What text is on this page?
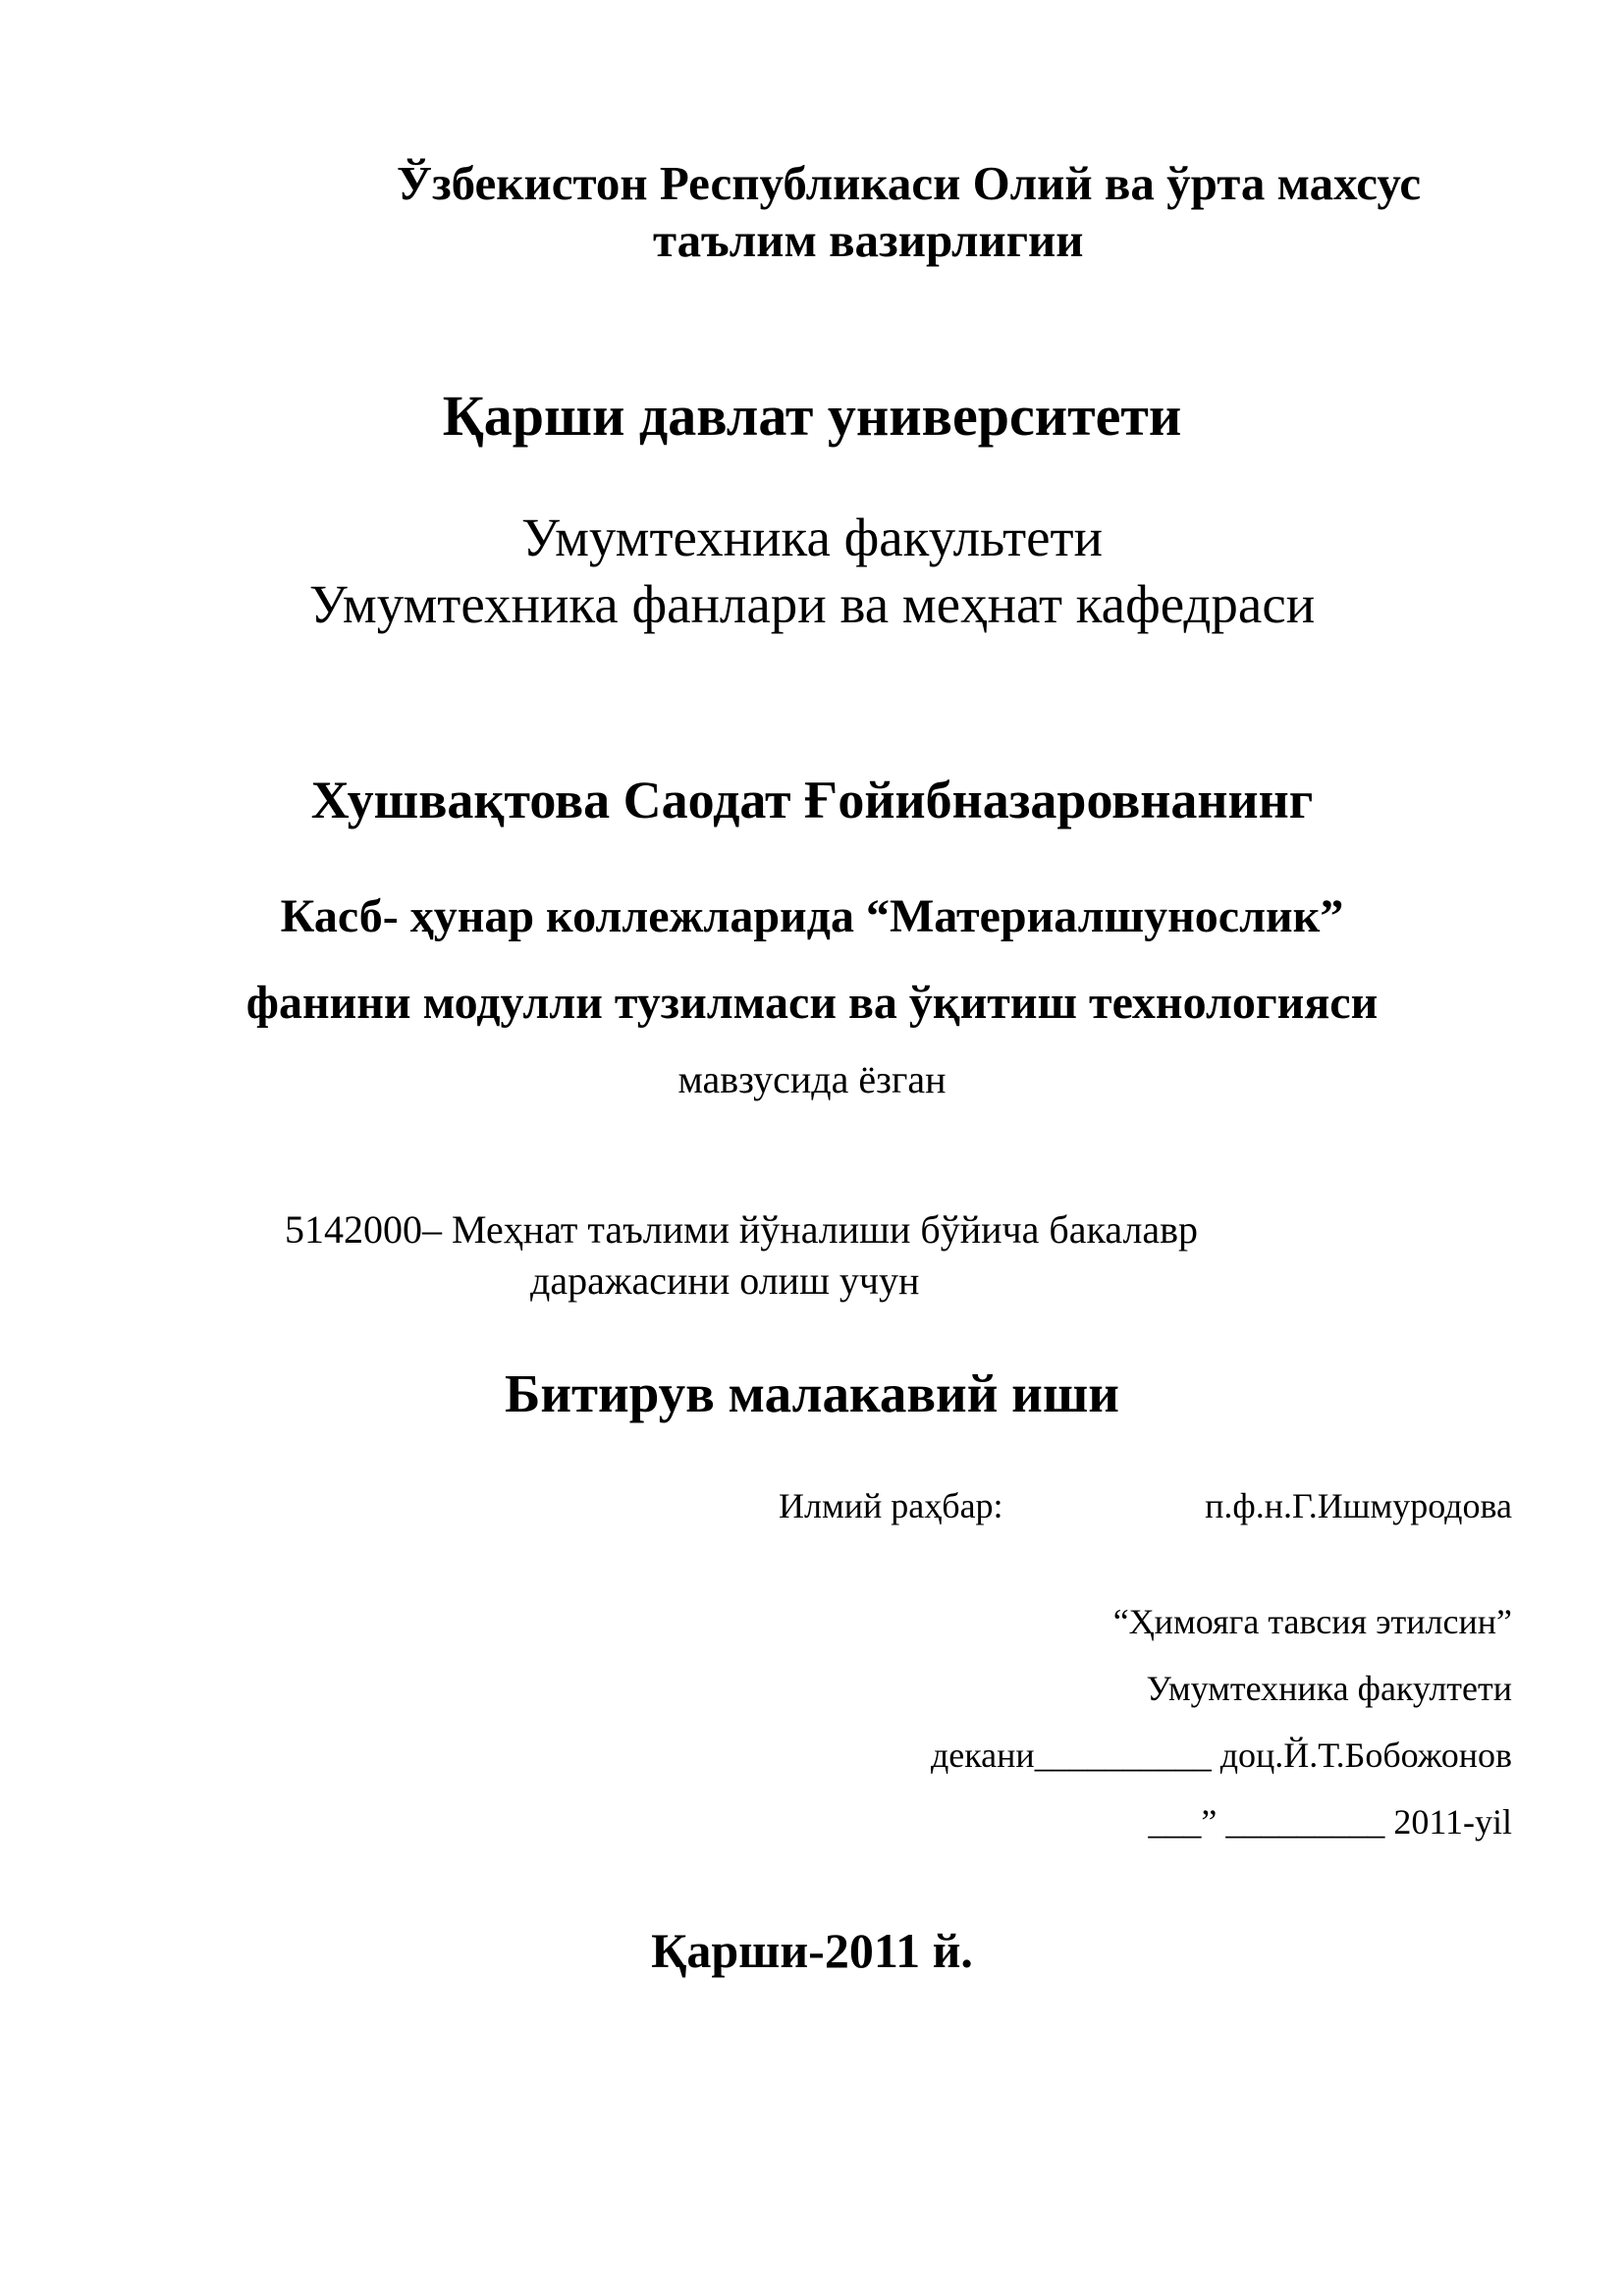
Ўзбекистон Республикаси Олий ва ўрта махсус
таълим вазирлигии
Қарши давлат университети
Умумтехника факультети
Умумтехника фанлари ва меҳнат кафедраси
Хушвақтова Саодат Ғойибназаровнанинг
Касб- ҳунар коллежларида “Материалшунослик”
фанини модулли тузилмаси ва ўқитиш технологияси
мавзусида ёзган
5142000– Меҳнат таълими йўналиши бўйича бакалавр
даражасини олиш учун
Битирув малакавий иши
Илмий раҳбар:	п.ф.н.Г.Ишмуродова
“Ҳимояга тавсия этилсин”
Умумтехника факултети
декани__________ доц.Й.Т.Бобожонов
___” _________ 2011-yil
Қарши-2011 й.
